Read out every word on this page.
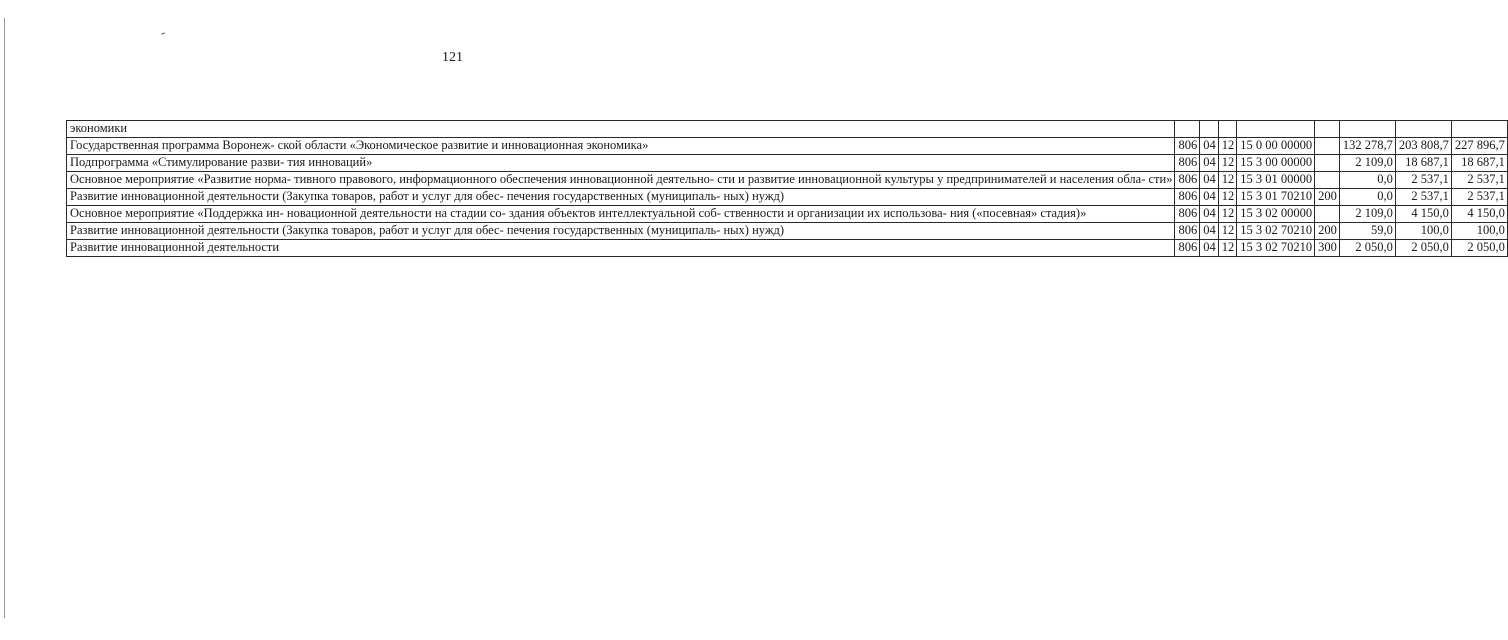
121
экономики								
Государственная программа Воронеж- ской области «Экономическое развитие и инновационная экономика»	806	04	12	15 0 00 00000		132 278,7	203 808,7	227 896,7
Подпрограмма «Стимулирование разви- тия инноваций»	806	04	12	15 3 00 00000		2 109,0	18 687,1	18 687,1
Основное мероприятие «Развитие норма- тивного правового, информационного обеспечения инновационной деятельно- сти и развитие инновационной культуры у предпринимателей и населения обла- сти»	806	04	12	15 3 01 00000		0,0	2 537,1	2 537,1
Развитие инновационной деятельности (Закупка товаров, работ и услуг для обес- печения государственных (муниципаль- ных) нужд)	806	04	12	15 3 01 70210	200	0,0	2 537,1	2 537,1
Основное мероприятие «Поддержка ин- новационной деятельности на стадии со- здания объектов интеллектуальной соб- ственности и организации их использова- ния («посевная» стадия)»	806	04	12	15 3 02 00000		2 109,0	4 150,0	4 150,0
Развитие инновационной деятельности (Закупка товаров, работ и услуг для обес- печения государственных (муниципаль- ных) нужд)	806	04	12	15 3 02 70210	200	59,0	100,0	100,0
Развитие инновационной деятельности	806	04	12	15 3 02 70210	300	2 050,0	2 050,0	2 050,0
